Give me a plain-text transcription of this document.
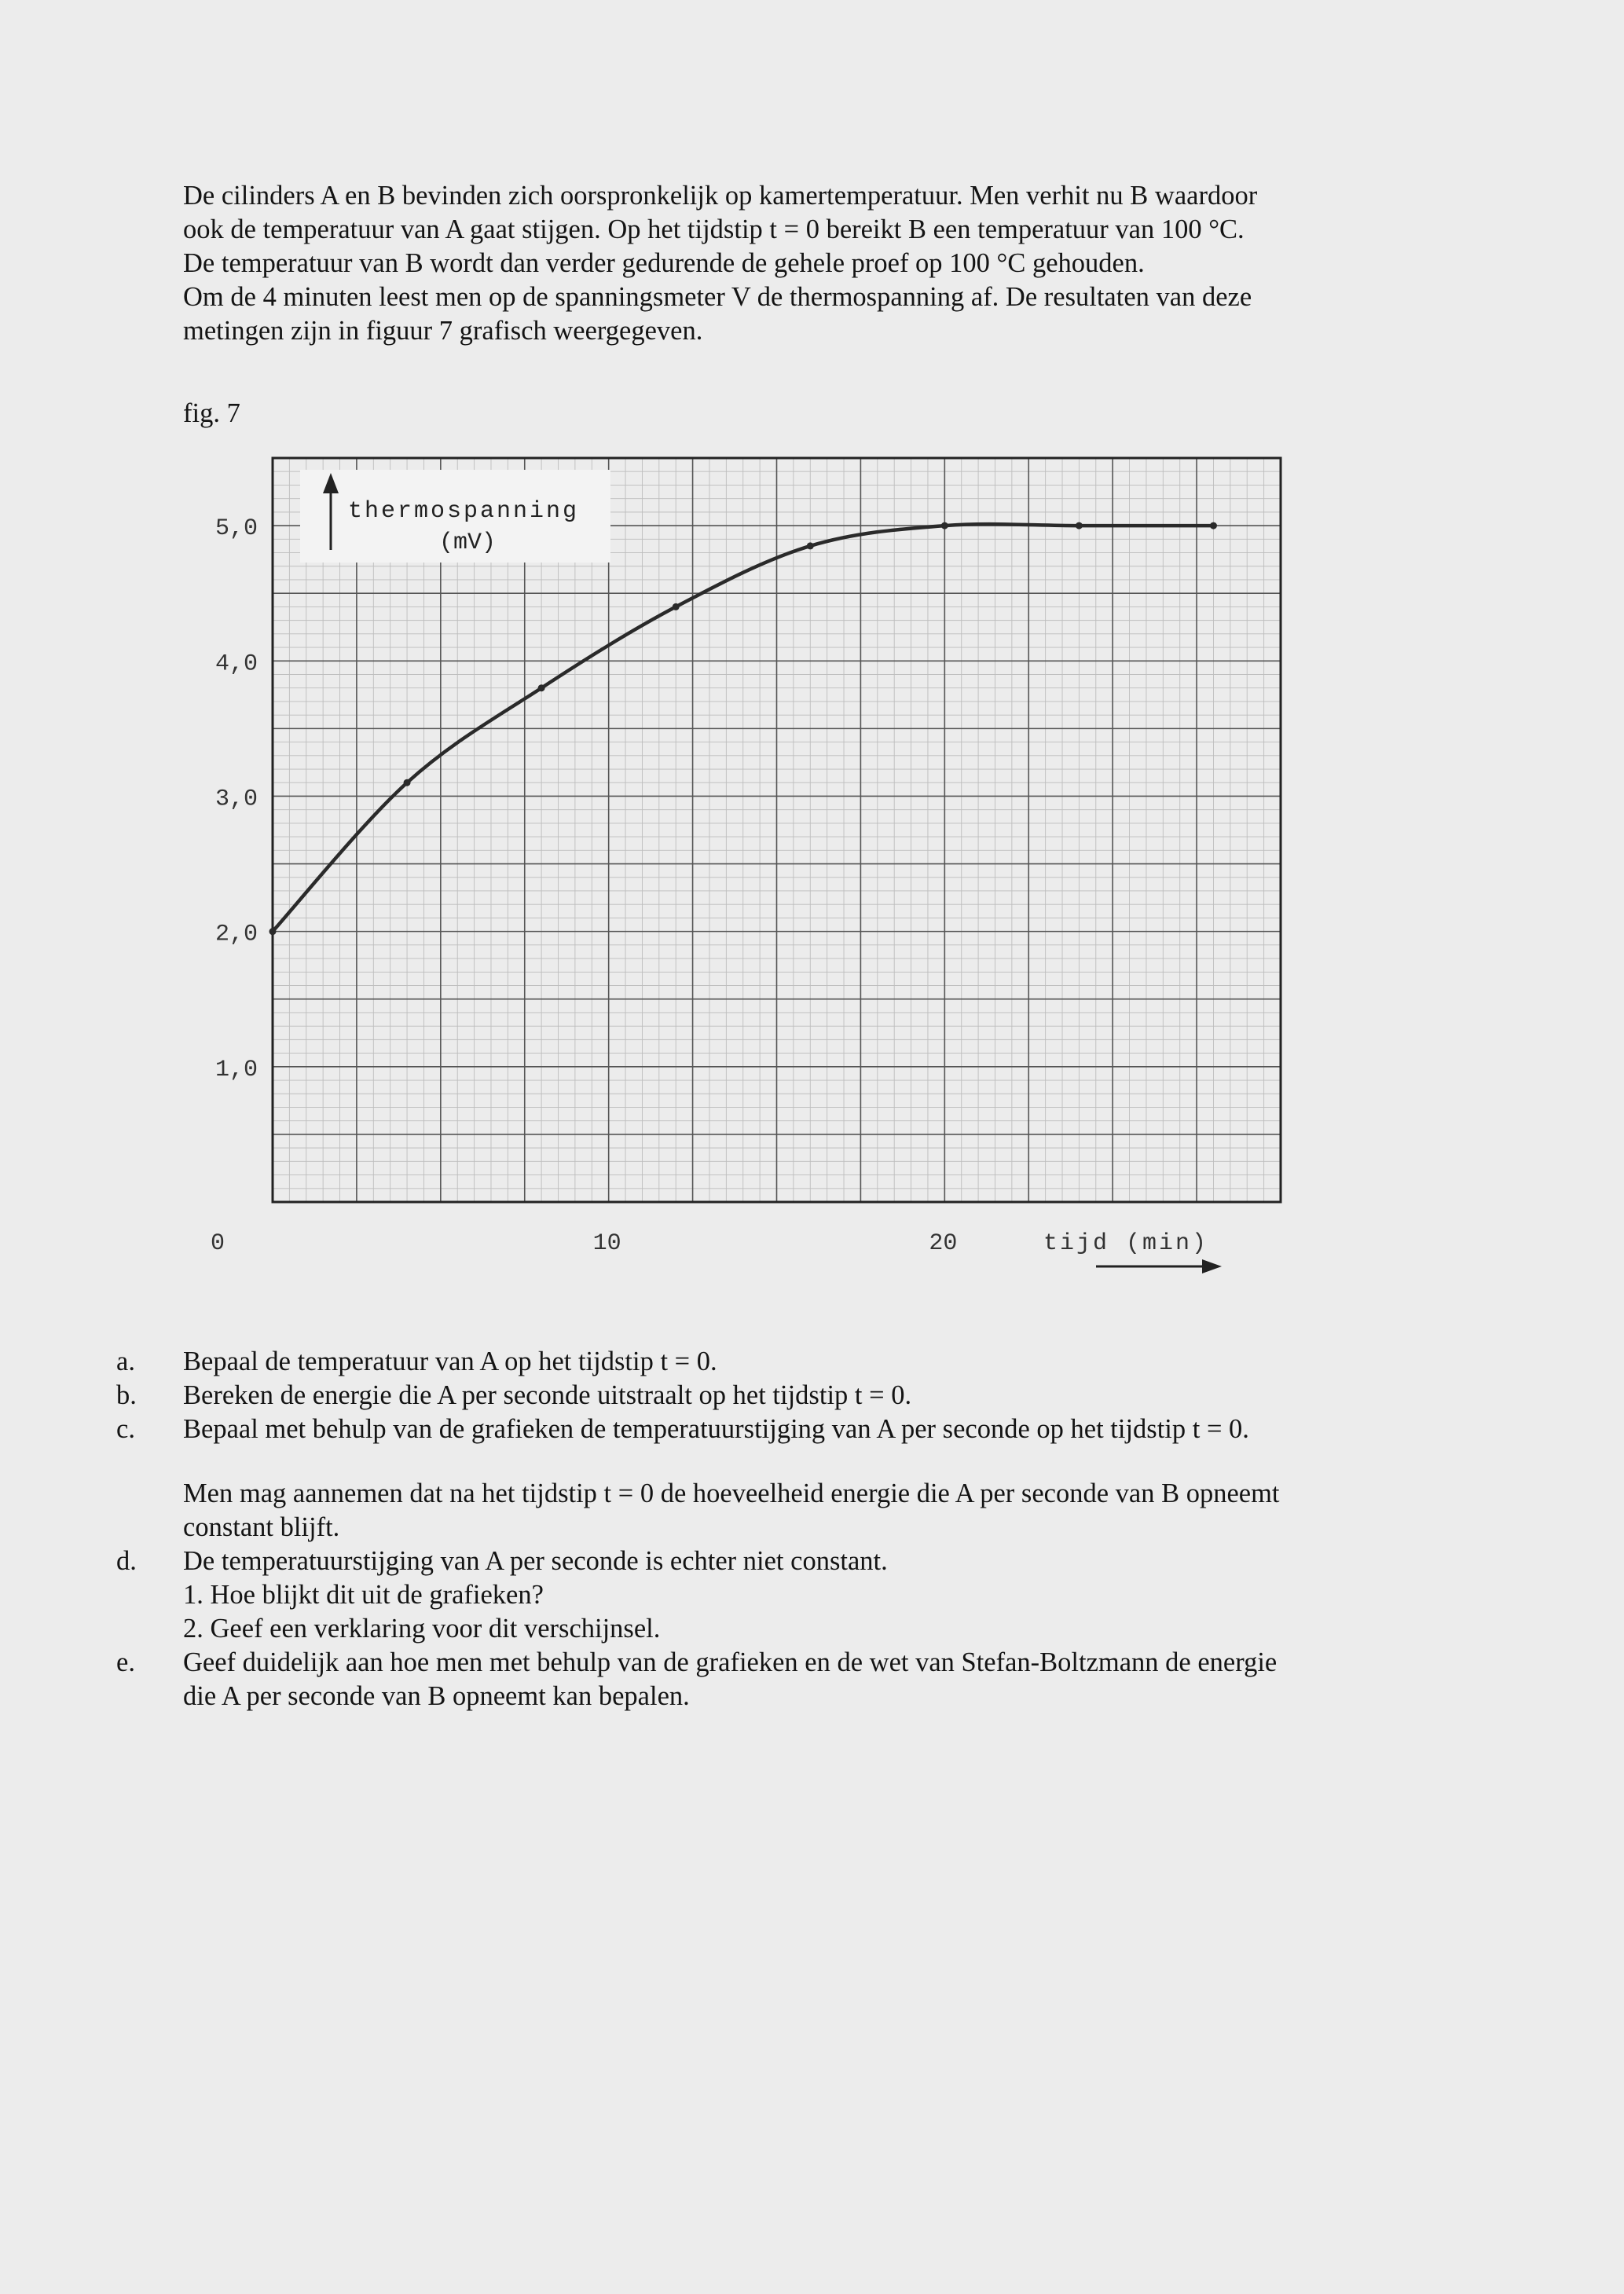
De cilinders A en B bevinden zich oorspronkelijk op kamertemperatuur. Men verhit nu B waardoor
ook de temperatuur van A gaat stijgen. Op het tijdstip t = 0 bereikt B een temperatuur van 100 °C.
De temperatuur van B wordt dan verder gedurende de gehele proef op 100 °C gehouden.
Om de 4 minuten leest men op de spanningsmeter V de thermospanning af. De resultaten van deze
metingen zijn in figuur 7 grafisch weergegeven.
fig. 7
thermospanning
(mV)
1,0
2,0
3,0
4,0
5,0
0	10	20	tijd (min)
a. Bepaal de temperatuur van A op het tijdstip t = 0.
b. Bereken de energie die A per seconde uitstraalt op het tijdstip t = 0.
c. Bepaal met behulp van de grafieken de temperatuurstijging van A per seconde op het tijdstip t = 0.
Men mag aannemen dat na het tijdstip t = 0 de hoeveelheid energie die A per seconde van B opneemt
constant blijft.
d. De temperatuurstijging van A per seconde is echter niet constant.
1. Hoe blijkt dit uit de grafieken?
2. Geef een verklaring voor dit verschijnsel.
e. Geef duidelijk aan hoe men met behulp van de grafieken en de wet van Stefan-Boltzmann de energie
die A per seconde van B opneemt kan bepalen.
